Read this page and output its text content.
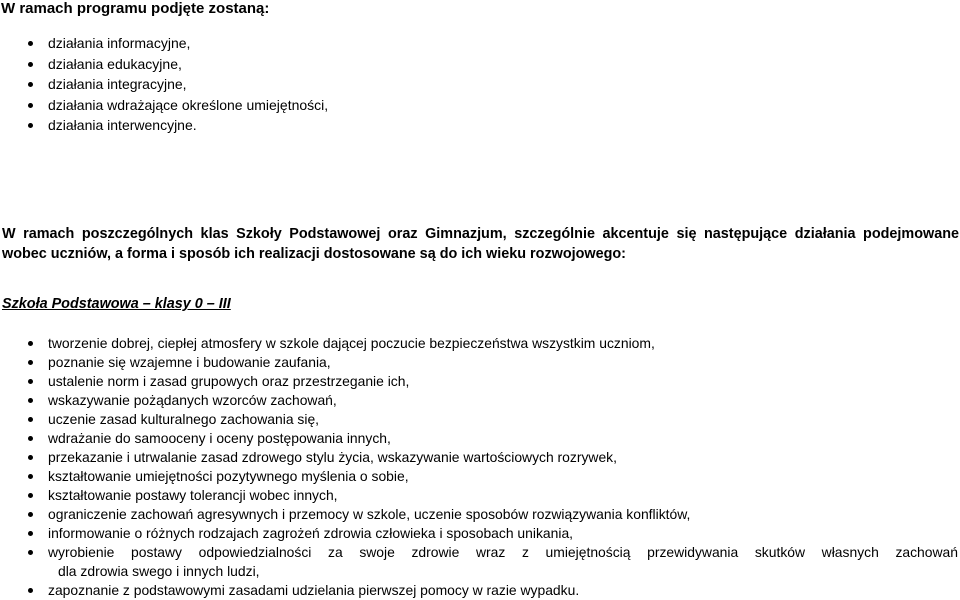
W ramach programu podjęte zostaną:
działania informacyjne,
działania edukacyjne,
działania integracyjne,
działania wdrażające określone umiejętności,
działania interwencyjne.

W ramach poszczególnych klas Szkoły Podstawowej oraz Gimnazjum, szczególnie akcentuje się następujące działania podejmowane wobec uczniów, a forma i sposób ich realizacji dostosowane są do ich wieku rozwojowego:

Szkoła Podstawowa – klasy 0 – III

tworzenie dobrej, ciepłej atmosfery w szkole dającej poczucie bezpieczeństwa wszystkim uczniom,
poznanie się wzajemne i budowanie zaufania,
ustalenie norm i zasad grupowych oraz przestrzeganie ich,
wskazywanie pożądanych wzorców zachowań,
uczenie zasad kulturalnego zachowania się,
wdrażanie do samooceny i oceny postępowania innych,
przekazanie i utrwalanie zasad zdrowego stylu życia, wskazywanie wartościowych rozrywek,
kształtowanie umiejętności pozytywnego myślenia o sobie,
kształtowanie postawy tolerancji wobec innych,
ograniczenie zachowań agresywnych i przemocy w szkole, uczenie sposobów rozwiązywania konfliktów,
informowanie o różnych rodzajach zagrożeń zdrowia człowieka i sposobach unikania,
wyrobienie postawy odpowiedzialności za swoje zdrowie wraz z umiejętnością przewidywania skutków własnych zachowań
dla zdrowia swego i innych ludzi,
zapoznanie z podstawowymi zasadami udzielania pierwszej pomocy w razie wypadku.
